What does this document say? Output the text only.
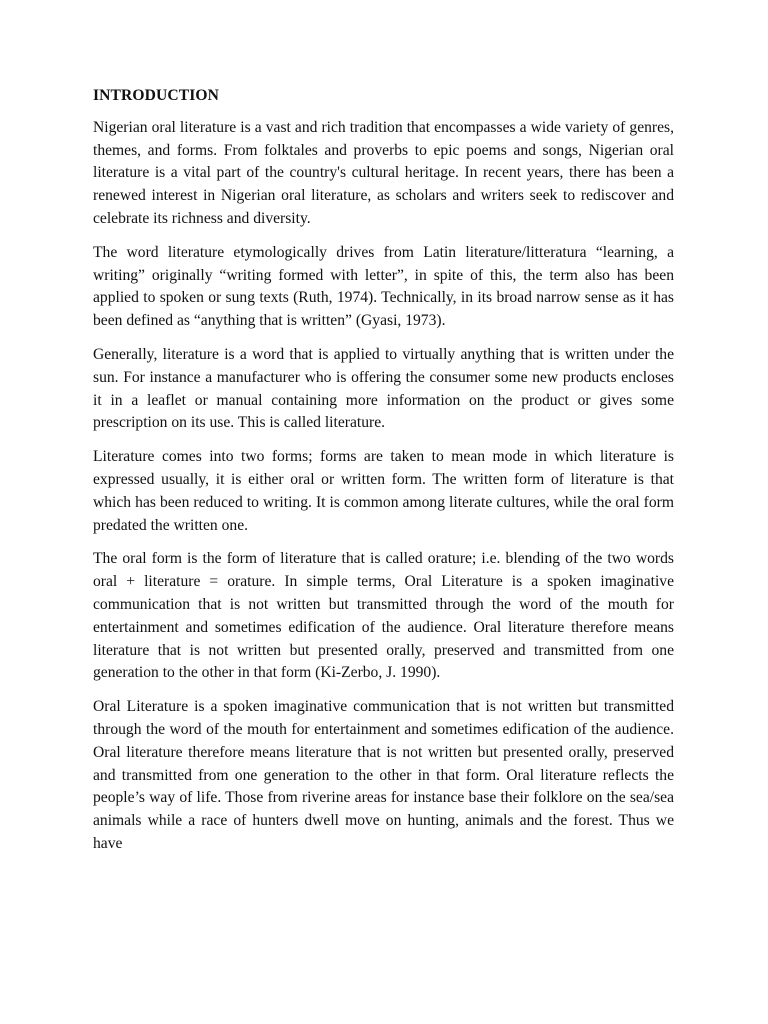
INTRODUCTION

Nigerian oral literature is a vast and rich tradition that encompasses a wide variety of genres, themes, and forms. From folktales and proverbs to epic poems and songs, Nigerian oral literature is a vital part of the country's cultural heritage. In recent years, there has been a renewed interest in Nigerian oral literature, as scholars and writers seek to rediscover and celebrate its richness and diversity.

The word literature etymologically drives from Latin literature/litteratura “learning, a writing” originally “writing formed with letter”, in spite of this, the term also has been applied to spoken or sung texts (Ruth, 1974). Technically, in its broad narrow sense as it has been defined as “anything that is written” (Gyasi, 1973).

Generally, literature is a word that is applied to virtually anything that is written under the sun. For instance a manufacturer who is offering the consumer some new products encloses it in a leaflet or manual containing more information on the product or gives some prescription on its use. This is called literature.

Literature comes into two forms; forms are taken to mean mode in which literature is expressed usually, it is either oral or written form. The written form of literature is that which has been reduced to writing. It is common among literate cultures, while the oral form predated the written one.

The oral form is the form of literature that is called orature; i.e. blending of the two words oral + literature = orature. In simple terms, Oral Literature is a spoken imaginative communication that is not written but transmitted through the word of the mouth for entertainment and sometimes edification of the audience. Oral literature therefore means literature that is not written but presented orally, preserved and transmitted from one generation to the other in that form (Ki-Zerbo, J. 1990).

Oral Literature is a spoken imaginative communication that is not written but transmitted through the word of the mouth for entertainment and sometimes edification of the audience. Oral literature therefore means literature that is not written but presented orally, preserved and transmitted from one generation to the other in that form. Oral literature reflects the people’s way of life. Those from riverine areas for instance base their folklore on the sea/sea animals while a race of hunters dwell move on hunting, animals and the forest. Thus we have
